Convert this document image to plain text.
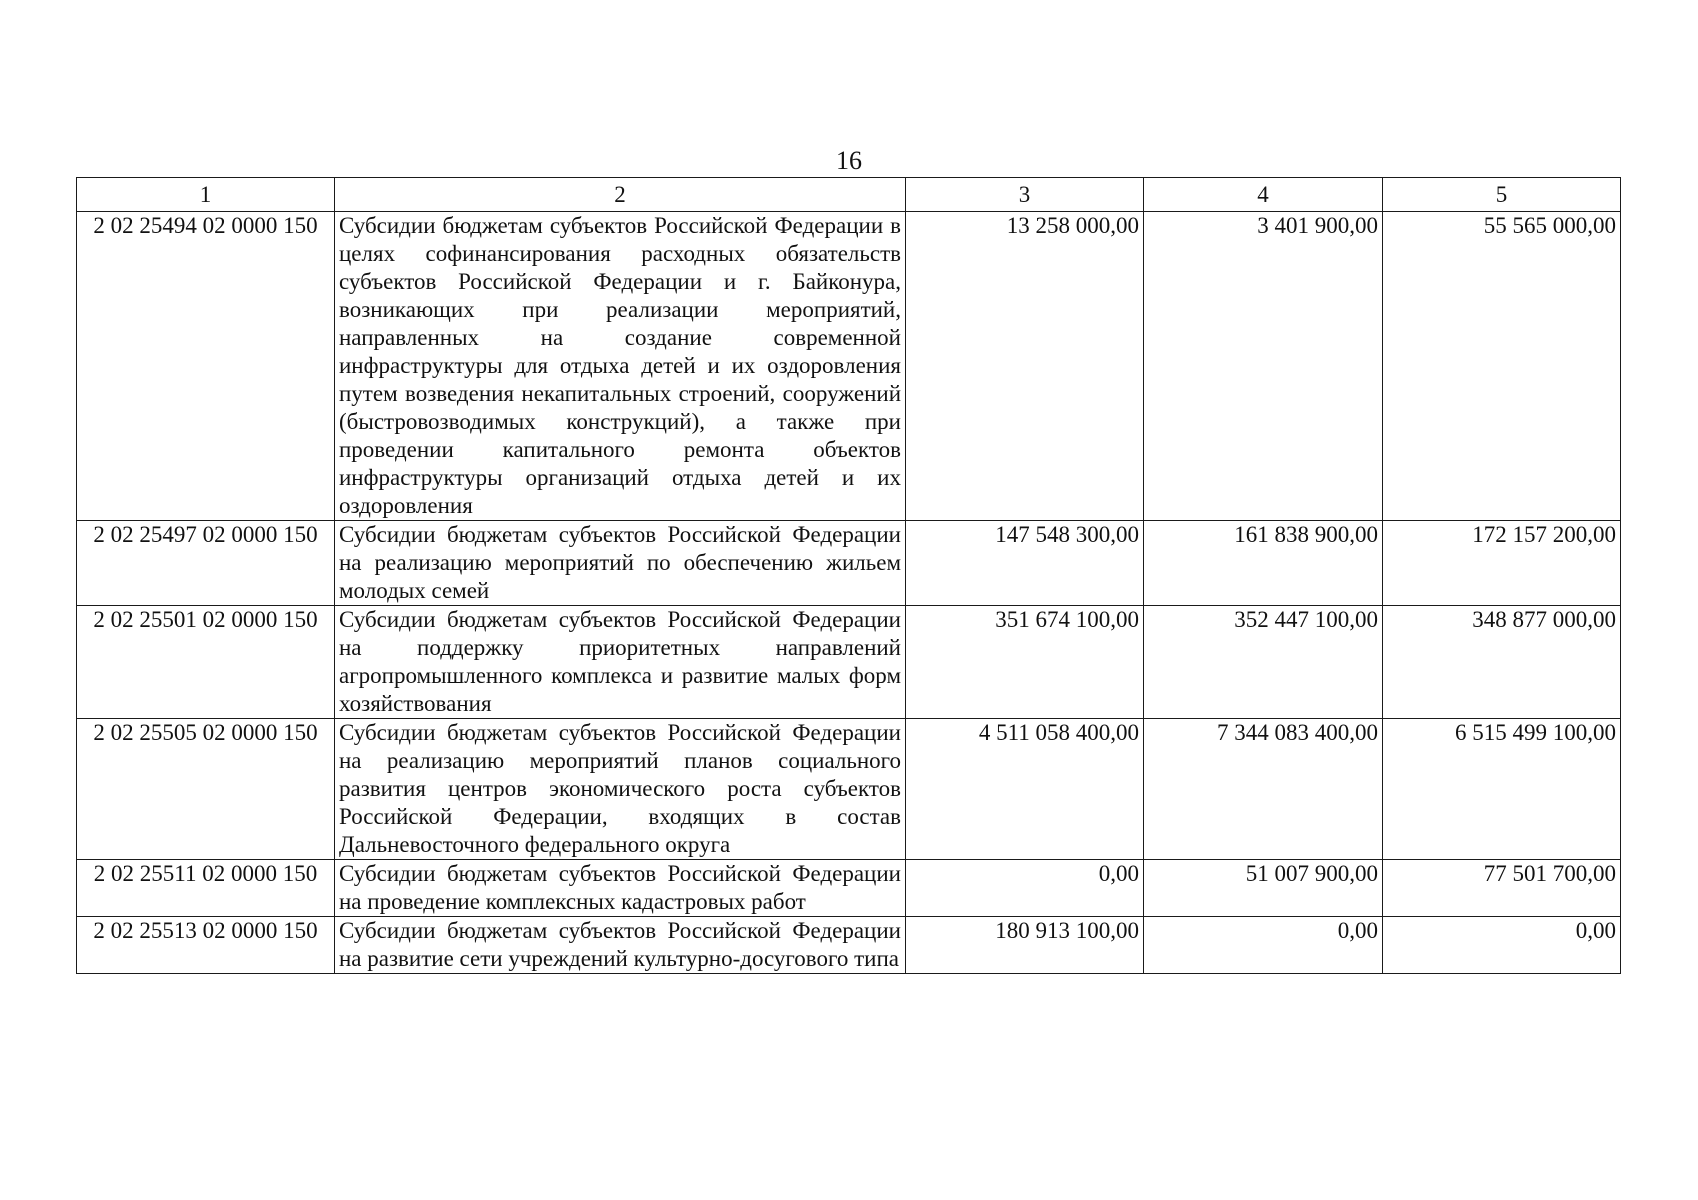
16
1	2	3	4	5
2 02 25494 02 0000 150	Субсидии бюджетам субъектов Российской Федерации в целях софинансирования расходных обязательств субъектов Российской Федерации и г. Байконура, возникающих при реализации мероприятий, направленных на создание современной инфраструктуры для отдыха детей и их оздоровления путем возведения некапитальных строений, сооружений (быстровозводимых конструкций), а также при проведении капитального ремонта объектов инфраструктуры организаций отдыха детей и их оздоровления	13 258 000,00	3 401 900,00	55 565 000,00
2 02 25497 02 0000 150	Субсидии бюджетам субъектов Российской Федерации на реализацию мероприятий по обеспечению жильем молодых семей	147 548 300,00	161 838 900,00	172 157 200,00
2 02 25501 02 0000 150	Субсидии бюджетам субъектов Российской Федерации на поддержку приоритетных направлений агропромышленного комплекса и развитие малых форм хозяйствования	351 674 100,00	352 447 100,00	348 877 000,00
2 02 25505 02 0000 150	Субсидии бюджетам субъектов Российской Федерации на реализацию мероприятий планов социального развития центров экономического роста субъектов Российской Федерации, входящих в состав Дальневосточного федерального округа	4 511 058 400,00	7 344 083 400,00	6 515 499 100,00
2 02 25511 02 0000 150	Субсидии бюджетам субъектов Российской Федерации на проведение комплексных кадастровых работ	0,00	51 007 900,00	77 501 700,00
2 02 25513 02 0000 150	Субсидии бюджетам субъектов Российской Федерации на развитие сети учреждений культурно-досугового типа	180 913 100,00	0,00	0,00
